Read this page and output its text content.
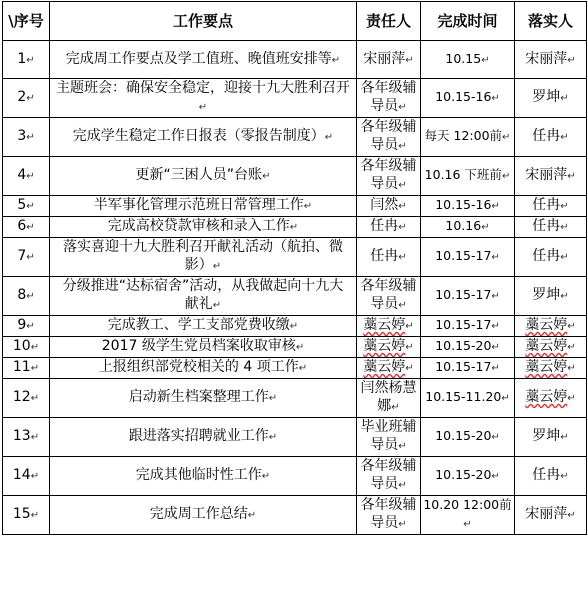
\序号	工作要点	责任人	完成时间	落实人
1↵	完成周工作要点及学工值班、晚值班安排等↵	宋丽萍↵	10.15↵	宋丽萍↵
2↵	主题班会：确保安全稳定，迎接十九大胜利召开↵	各年级辅导员↵	10.15-16↵	罗坤↵
3↵	完成学生稳定工作日报表（零报告制度）↵	各年级辅导员↵	每天 12:00前↵	任冉↵
4↵	更新“三困人员”台账↵	各年级辅导员↵	10.16 下班前↵	宋丽萍↵
5↵	半军事化管理示范班日常管理工作↵	闫然↵	10.15-16↵	任冉↵
6↵	完成高校贷款审核和录入工作↵	任冉↵	10.16↵	任冉↵
7↵	落实喜迎十九大胜利召开献礼活动（航拍、微影）↵	任冉↵	10.15-17↵	任冉↵
8↵	分级推进“达标宿舍”活动，从我做起向十九大献礼↵	各年级辅导员↵	10.15-17↵	罗坤↵
9↵	完成教工、学工支部党费收缴↵	藁云婷↵	10.15-17↵	藁云婷↵
10↵	2017 级学生党员档案收取审核↵	藁云婷↵	10.15-20↵	藁云婷↵
11↵	上报组织部党校相关的 4 项工作↵	藁云婷↵	10.15-17↵	藁云婷↵
12↵	启动新生档案整理工作↵	闫然杨慧娜↵	10.15-11.20↵	藁云婷↵
13↵	跟进落实招聘就业工作↵	毕业班辅导员↵	10.15-20↵	罗坤↵
14↵	完成其他临时性工作↵	各年级辅导员↵	10.15-20↵	任冉↵
15↵	完成周工作总结↵	各年级辅导员↵	10.20 12:00前↵	宋丽萍↵
